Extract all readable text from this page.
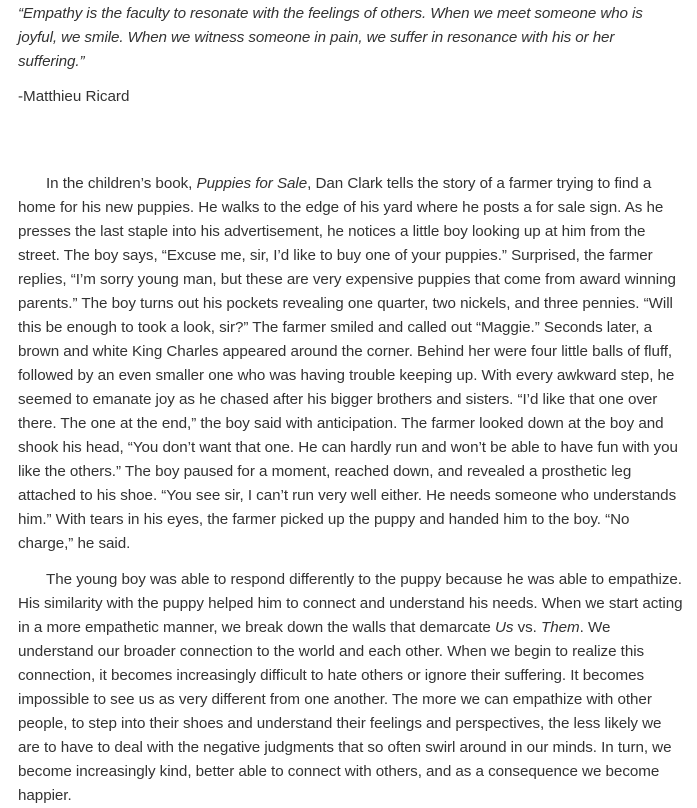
“Empathy is the faculty to resonate with the feelings of others. When we meet someone who is joyful, we smile. When we witness someone in pain, we suffer in resonance with his or her suffering.”

-Matthieu Ricard

In the children’s book, Puppies for Sale, Dan Clark tells the story of a farmer trying to find a home for his new puppies. He walks to the edge of his yard where he posts a for sale sign. As he presses the last staple into his advertisement, he notices a little boy looking up at him from the street. The boy says, “Excuse me, sir, I’d like to buy one of your puppies.” Surprised, the farmer replies, “I’m sorry young man, but these are very expensive puppies that come from award winning parents.” The boy turns out his pockets revealing one quarter, two nickels, and three pennies. “Will this be enough to took a look, sir?” The farmer smiled and called out “Maggie.” Seconds later, a brown and white King Charles appeared around the corner. Behind her were four little balls of fluff, followed by an even smaller one who was having trouble keeping up. With every awkward step, he seemed to emanate joy as he chased after his bigger brothers and sisters. “I’d like that one over there. The one at the end,” the boy said with anticipation. The farmer looked down at the boy and shook his head, “You don’t want that one. He can hardly run and won’t be able to have fun with you like the others.” The boy paused for a moment, reached down, and revealed a prosthetic leg attached to his shoe. “You see sir, I can’t run very well either. He needs someone who understands him.” With tears in his eyes, the farmer picked up the puppy and handed him to the boy. “No charge,” he said.

The young boy was able to respond differently to the puppy because he was able to empathize. His similarity with the puppy helped him to connect and understand his needs. When we start acting in a more empathetic manner, we break down the walls that demarcate Us vs. Them. We understand our broader connection to the world and each other. When we begin to realize this connection, it becomes increasingly difficult to hate others or ignore their suffering. It becomes impossible to see us as very different from one another. The more we can empathize with other people, to step into their shoes and understand their feelings and perspectives, the less likely we are to have to deal with the negative judgments that so often swirl around in our minds. In turn, we become increasingly kind, better able to connect with others, and as a consequence we become happier.
